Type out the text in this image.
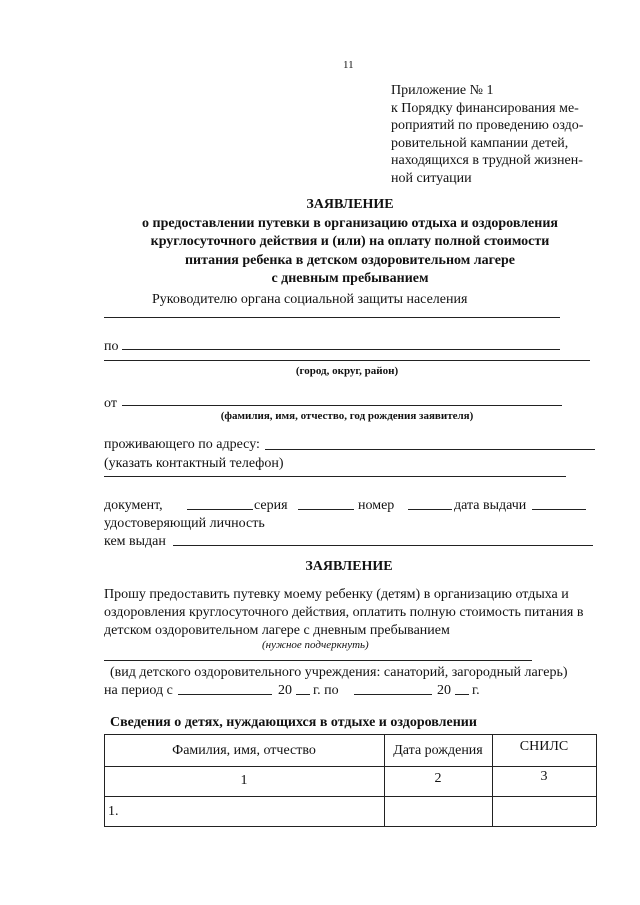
11
Приложение № 1
к Порядку финансирования ме-
роприятий по проведению оздо-
ровительной кампании детей,
находящихся в трудной жизнен-
ной ситуации
ЗАЯВЛЕНИЕ
о предоставлении путевки в организацию отдыха и оздоровления
круглосуточного действия и (или) на оплату полной стоимости
питания ребенка в детском оздоровительном лагере
с дневным пребыванием
Руководителю органа социальной защиты населения
по
(город, округ, район)
от
(фамилия, имя, отчество, год рождения заявителя)
проживающего по адресу:
(указать контактный телефон)
документ,	серия	номер	дата выдачи
удостоверяющий личность
кем выдан
ЗАЯВЛЕНИЕ
Прошу предоставить путевку моему ребенку (детям) в организацию отдыха и
оздоровления круглосуточного действия, оплатить полную стоимость питания в
детском оздоровительном лагере с дневным пребыванием
(нужное подчеркнуть)
(вид детского оздоровительного учреждения: санаторий, загородный лагерь)
на период с	20 г. по	20 г.
Сведения о детях, нуждающихся в отдыхе и оздоровлении
Фамилия, имя, отчество	Дата рождения	СНИЛС
1	2	3
1.
